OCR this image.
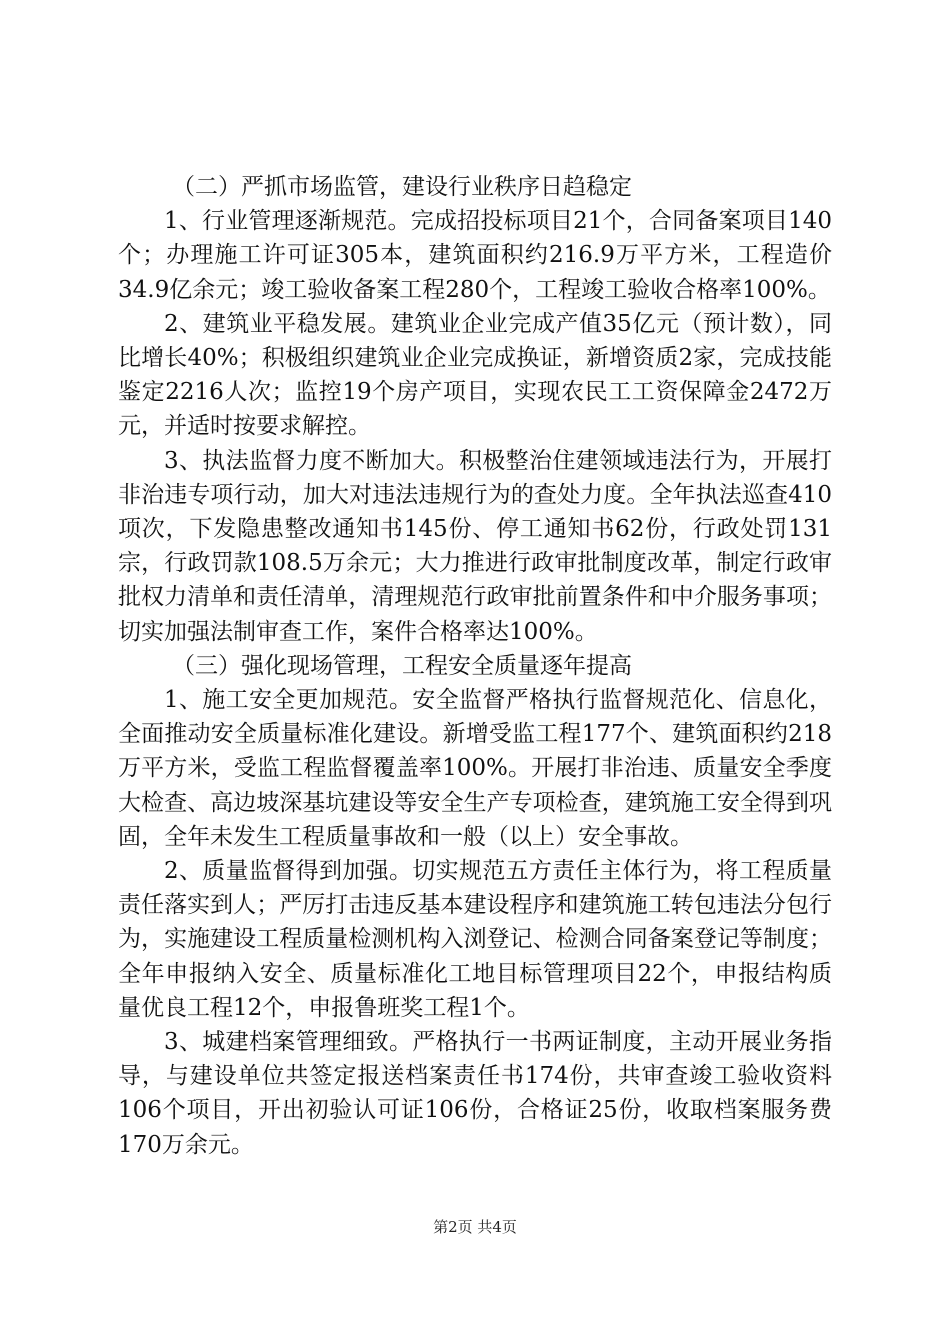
（二）严抓市场监管，建设行业秩序日趋稳定

1、行业管理逐渐规范。完成招投标项目21个，合同备案项目140个；办理施工许可证305本，建筑面积约216.9万平方米，工程造价34.9亿余元；竣工验收备案工程280个，工程竣工验收合格率100%。

2、建筑业平稳发展。建筑业企业完成产值35亿元（预计数），同比增长40%；积极组织建筑业企业完成换证，新增资质2家，完成技能鉴定2216人次；监控19个房产项目，实现农民工工资保障金2472万元，并适时按要求解控。

3、执法监督力度不断加大。积极整治住建领域违法行为，开展打非治违专项行动，加大对违法违规行为的查处力度。全年执法巡查410项次，下发隐患整改通知书145份、停工通知书62份，行政处罚131宗，行政罚款108.5万余元；大力推进行政审批制度改革，制定行政审批权力清单和责任清单，清理规范行政审批前置条件和中介服务事项；切实加强法制审查工作，案件合格率达100%。

（三）强化现场管理，工程安全质量逐年提高

1、施工安全更加规范。安全监督严格执行监督规范化、信息化，全面推动安全质量标准化建设。新增受监工程177个、建筑面积约218万平方米，受监工程监督覆盖率100%。开展打非治违、质量安全季度大检查、高边坡深基坑建设等安全生产专项检查，建筑施工安全得到巩固，全年未发生工程质量事故和一般（以上）安全事故。

2、质量监督得到加强。切实规范五方责任主体行为，将工程质量责任落实到人；严厉打击违反基本建设程序和建筑施工转包违法分包行为，实施建设工程质量检测机构入浏登记、检测合同备案登记等制度；全年申报纳入安全、质量标准化工地目标管理项目22个，申报结构质量优良工程12个，申报鲁班奖工程1个。

3、城建档案管理细致。严格执行一书两证制度，主动开展业务指导，与建设单位共签定报送档案责任书174份，共审查竣工验收资料106个项目，开出初验认可证106份，合格证25份，收取档案服务费170万余元。

第2页 共4页
